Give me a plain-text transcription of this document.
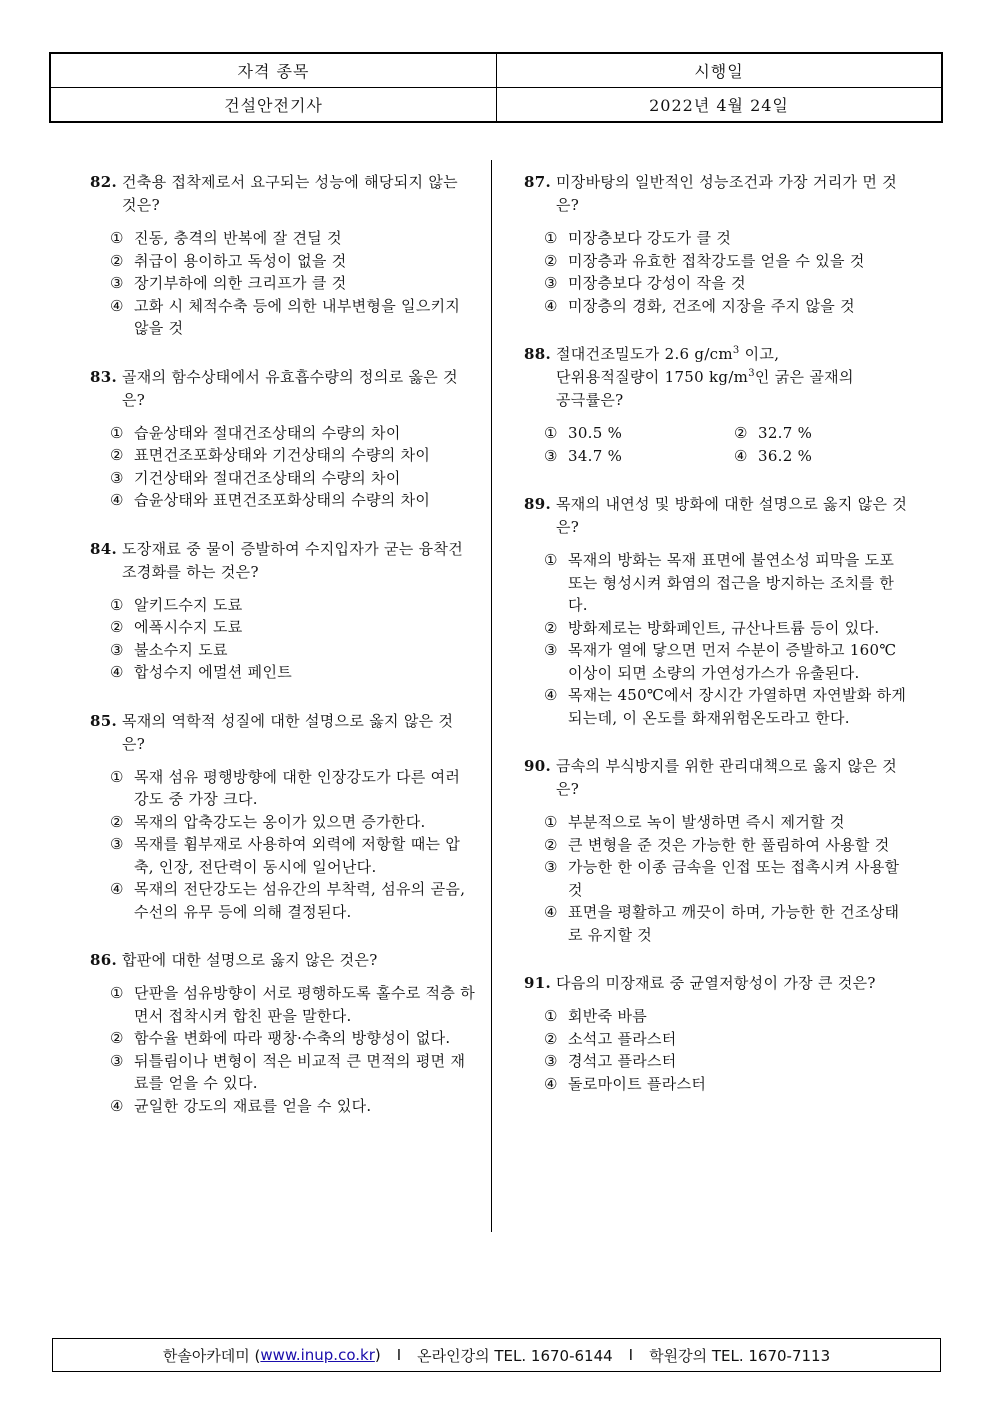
자격 종목	시행일
건설안전기사	2022년 4월 24일
82. 건축용 접착제로서 요구되는 성능에 해당되지 않는 것은?
① 진동, 충격의 반복에 잘 견딜 것
② 취급이 용이하고 독성이 없을 것
③ 장기부하에 의한 크리프가 클 것
④ 고화 시 체적수축 등에 의한 내부변형을 일으키지 않을 것
83. 골재의 함수상태에서 유효흡수량의 정의로 옳은 것은?
① 습윤상태와 절대건조상태의 수량의 차이
② 표면건조포화상태와 기건상태의 수량의 차이
③ 기건상태와 절대건조상태의 수량의 차이
④ 습윤상태와 표면건조포화상태의 수량의 차이
84. 도장재료 중 물이 증발하여 수지입자가 굳는 융착건조경화를 하는 것은?
① 알키드수지 도료
② 에폭시수지 도료
③ 불소수지 도료
④ 합성수지 에멀션 페인트
85. 목재의 역학적 성질에 대한 설명으로 옳지 않은 것은?
① 목재 섬유 평행방향에 대한 인장강도가 다른 여러 강도 중 가장 크다.
② 목재의 압축강도는 옹이가 있으면 증가한다.
③ 목재를 휨부재로 사용하여 외력에 저항할 때는 압축, 인장, 전단력이 동시에 일어난다.
④ 목재의 전단강도는 섬유간의 부착력, 섬유의 곧음, 수선의 유무 등에 의해 결정된다.
86. 합판에 대한 설명으로 옳지 않은 것은?
① 단판을 섬유방향이 서로 평행하도록 홀수로 적층 하면서 접착시켜 합친 판을 말한다.
② 함수율 변화에 따라 팽창·수축의 방향성이 없다.
③ 뒤틀림이나 변형이 적은 비교적 큰 면적의 평면 재료를 얻을 수 있다.
④ 균일한 강도의 재료를 얻을 수 있다.
87. 미장바탕의 일반적인 성능조건과 가장 거리가 먼 것은?
① 미장층보다 강도가 클 것
② 미장층과 유효한 접착강도를 얻을 수 있을 것
③ 미장층보다 강성이 작을 것
④ 미장층의 경화, 건조에 지장을 주지 않을 것
88. 절대건조밀도가 2.6 $g/cm^3$ 이고,
단위용적질량이 1750 $kg/m^3$인 굵은 골재의
공극률은?
① 30.5 %	② 32.7 %
③ 34.7 %	④ 36.2 %
89. 목재의 내연성 및 방화에 대한 설명으로 옳지 않은 것은?
① 목재의 방화는 목재 표면에 불연소성 피막을 도포 또는 형성시켜 화염의 접근을 방지하는 조치를 한다.
② 방화제로는 방화페인트, 규산나트륨 등이 있다.
③ 목재가 열에 닿으면 먼저 수분이 증발하고 160℃ 이상이 되면 소량의 가연성가스가 유출된다.
④ 목재는 450℃에서 장시간 가열하면 자연발화 하게 되는데, 이 온도를 화재위험온도라고 한다.
90. 금속의 부식방지를 위한 관리대책으로 옳지 않은 것은?
① 부분적으로 녹이 발생하면 즉시 제거할 것
② 큰 변형을 준 것은 가능한 한 풀림하여 사용할 것
③ 가능한 한 이종 금속을 인접 또는 접촉시켜 사용할 것
④ 표면을 평활하고 깨끗이 하며, 가능한 한 건조상태로 유지할 것
91. 다음의 미장재료 중 균열저항성이 가장 큰 것은?
① 회반죽 바름
② 소석고 플라스터
③ 경석고 플라스터
④ 돌로마이트 플라스터
한솔아카데미 ( www.inup.co.kr ) I 온라인강의 TEL. 1670-6144 I 학원강의 TEL. 1670-7113
